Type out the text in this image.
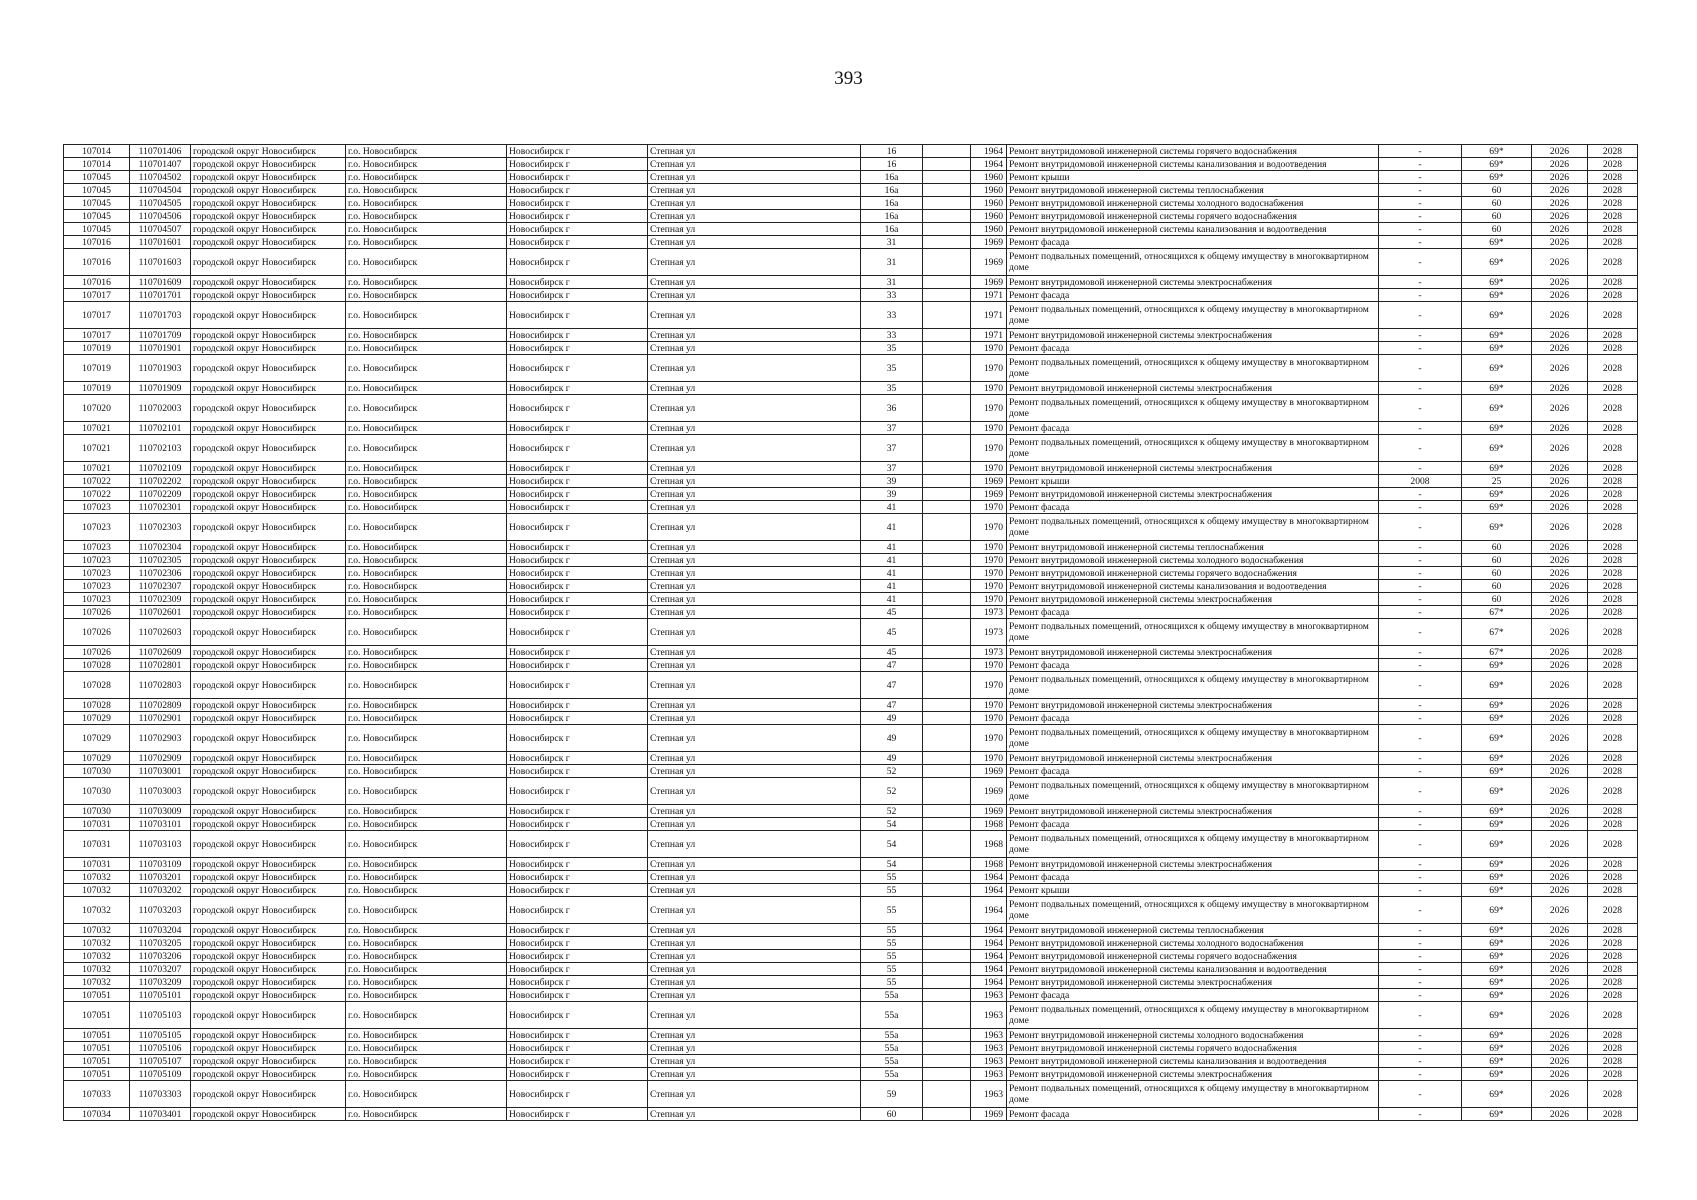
393
107014	110701406	городской округ Новосибирск	г.о. Новосибирск	Новосибирск г	Степная ул	16		1964	Ремонт внутридомовой инженерной системы горячего водоснабжения	-	69*	2026	2028
107014	110701407	городской округ Новосибирск	г.о. Новосибирск	Новосибирск г	Степная ул	16		1964	Ремонт внутридомовой инженерной системы канализования и водоотведения	-	69*	2026	2028
107045	110704502	городской округ Новосибирск	г.о. Новосибирск	Новосибирск г	Степная ул	16а		1960	Ремонт крыши	-	69*	2026	2028
107045	110704504	городской округ Новосибирск	г.о. Новосибирск	Новосибирск г	Степная ул	16а		1960	Ремонт внутридомовой инженерной системы теплоснабжения	-	60	2026	2028
107045	110704505	городской округ Новосибирск	г.о. Новосибирск	Новосибирск г	Степная ул	16а		1960	Ремонт внутридомовой инженерной системы холодного водоснабжения	-	60	2026	2028
107045	110704506	городской округ Новосибирск	г.о. Новосибирск	Новосибирск г	Степная ул	16а		1960	Ремонт внутридомовой инженерной системы горячего водоснабжения	-	60	2026	2028
107045	110704507	городской округ Новосибирск	г.о. Новосибирск	Новосибирск г	Степная ул	16а		1960	Ремонт внутридомовой инженерной системы канализования и водоотведения	-	60	2026	2028
107016	110701601	городской округ Новосибирск	г.о. Новосибирск	Новосибирск г	Степная ул	31		1969	Ремонт фасада	-	69*	2026	2028
107016	110701603	городской округ Новосибирск	г.о. Новосибирск	Новосибирск г	Степная ул	31		1969	Ремонт подвальных помещений, относящихся к общему имуществу в многоквартирном доме	-	69*	2026	2028
107016	110701609	городской округ Новосибирск	г.о. Новосибирск	Новосибирск г	Степная ул	31		1969	Ремонт внутридомовой инженерной системы электроснабжения	-	69*	2026	2028
107017	110701701	городской округ Новосибирск	г.о. Новосибирск	Новосибирск г	Степная ул	33		1971	Ремонт фасада	-	69*	2026	2028
107017	110701703	городской округ Новосибирск	г.о. Новосибирск	Новосибирск г	Степная ул	33		1971	Ремонт подвальных помещений, относящихся к общему имуществу в многоквартирном доме	-	69*	2026	2028
107017	110701709	городской округ Новосибирск	г.о. Новосибирск	Новосибирск г	Степная ул	33		1971	Ремонт внутридомовой инженерной системы электроснабжения	-	69*	2026	2028
107019	110701901	городской округ Новосибирск	г.о. Новосибирск	Новосибирск г	Степная ул	35		1970	Ремонт фасада	-	69*	2026	2028
107019	110701903	городской округ Новосибирск	г.о. Новосибирск	Новосибирск г	Степная ул	35		1970	Ремонт подвальных помещений, относящихся к общему имуществу в многоквартирном доме	-	69*	2026	2028
107019	110701909	городской округ Новосибирск	г.о. Новосибирск	Новосибирск г	Степная ул	35		1970	Ремонт внутридомовой инженерной системы электроснабжения	-	69*	2026	2028
107020	110702003	городской округ Новосибирск	г.о. Новосибирск	Новосибирск г	Степная ул	36		1970	Ремонт подвальных помещений, относящихся к общему имуществу в многоквартирном доме	-	69*	2026	2028
107021	110702101	городской округ Новосибирск	г.о. Новосибирск	Новосибирск г	Степная ул	37		1970	Ремонт фасада	-	69*	2026	2028
107021	110702103	городской округ Новосибирск	г.о. Новосибирск	Новосибирск г	Степная ул	37		1970	Ремонт подвальных помещений, относящихся к общему имуществу в многоквартирном доме	-	69*	2026	2028
107021	110702109	городской округ Новосибирск	г.о. Новосибирск	Новосибирск г	Степная ул	37		1970	Ремонт внутридомовой инженерной системы электроснабжения	-	69*	2026	2028
107022	110702202	городской округ Новосибирск	г.о. Новосибирск	Новосибирск г	Степная ул	39		1969	Ремонт крыши	2008	25	2026	2028
107022	110702209	городской округ Новосибирск	г.о. Новосибирск	Новосибирск г	Степная ул	39		1969	Ремонт внутридомовой инженерной системы электроснабжения	-	69*	2026	2028
107023	110702301	городской округ Новосибирск	г.о. Новосибирск	Новосибирск г	Степная ул	41		1970	Ремонт фасада	-	69*	2026	2028
107023	110702303	городской округ Новосибирск	г.о. Новосибирск	Новосибирск г	Степная ул	41		1970	Ремонт подвальных помещений, относящихся к общему имуществу в многоквартирном доме	-	69*	2026	2028
107023	110702304	городской округ Новосибирск	г.о. Новосибирск	Новосибирск г	Степная ул	41		1970	Ремонт внутридомовой инженерной системы теплоснабжения	-	60	2026	2028
107023	110702305	городской округ Новосибирск	г.о. Новосибирск	Новосибирск г	Степная ул	41		1970	Ремонт внутридомовой инженерной системы холодного водоснабжения	-	60	2026	2028
107023	110702306	городской округ Новосибирск	г.о. Новосибирск	Новосибирск г	Степная ул	41		1970	Ремонт внутридомовой инженерной системы горячего водоснабжения	-	60	2026	2028
107023	110702307	городской округ Новосибирск	г.о. Новосибирск	Новосибирск г	Степная ул	41		1970	Ремонт внутридомовой инженерной системы канализования и водоотведения	-	60	2026	2028
107023	110702309	городской округ Новосибирск	г.о. Новосибирск	Новосибирск г	Степная ул	41		1970	Ремонт внутридомовой инженерной системы электроснабжения	-	60	2026	2028
107026	110702601	городской округ Новосибирск	г.о. Новосибирск	Новосибирск г	Степная ул	45		1973	Ремонт фасада	-	67*	2026	2028
107026	110702603	городской округ Новосибирск	г.о. Новосибирск	Новосибирск г	Степная ул	45		1973	Ремонт подвальных помещений, относящихся к общему имуществу в многоквартирном доме	-	67*	2026	2028
107026	110702609	городской округ Новосибирск	г.о. Новосибирск	Новосибирск г	Степная ул	45		1973	Ремонт внутридомовой инженерной системы электроснабжения	-	67*	2026	2028
107028	110702801	городской округ Новосибирск	г.о. Новосибирск	Новосибирск г	Степная ул	47		1970	Ремонт фасада	-	69*	2026	2028
107028	110702803	городской округ Новосибирск	г.о. Новосибирск	Новосибирск г	Степная ул	47		1970	Ремонт подвальных помещений, относящихся к общему имуществу в многоквартирном доме	-	69*	2026	2028
107028	110702809	городской округ Новосибирск	г.о. Новосибирск	Новосибирск г	Степная ул	47		1970	Ремонт внутридомовой инженерной системы электроснабжения	-	69*	2026	2028
107029	110702901	городской округ Новосибирск	г.о. Новосибирск	Новосибирск г	Степная ул	49		1970	Ремонт фасада	-	69*	2026	2028
107029	110702903	городской округ Новосибирск	г.о. Новосибирск	Новосибирск г	Степная ул	49		1970	Ремонт подвальных помещений, относящихся к общему имуществу в многоквартирном доме	-	69*	2026	2028
107029	110702909	городской округ Новосибирск	г.о. Новосибирск	Новосибирск г	Степная ул	49		1970	Ремонт внутридомовой инженерной системы электроснабжения	-	69*	2026	2028
107030	110703001	городской округ Новосибирск	г.о. Новосибирск	Новосибирск г	Степная ул	52		1969	Ремонт фасада	-	69*	2026	2028
107030	110703003	городской округ Новосибирск	г.о. Новосибирск	Новосибирск г	Степная ул	52		1969	Ремонт подвальных помещений, относящихся к общему имуществу в многоквартирном доме	-	69*	2026	2028
107030	110703009	городской округ Новосибирск	г.о. Новосибирск	Новосибирск г	Степная ул	52		1969	Ремонт внутридомовой инженерной системы электроснабжения	-	69*	2026	2028
107031	110703101	городской округ Новосибирск	г.о. Новосибирск	Новосибирск г	Степная ул	54		1968	Ремонт фасада	-	69*	2026	2028
107031	110703103	городской округ Новосибирск	г.о. Новосибирск	Новосибирск г	Степная ул	54		1968	Ремонт подвальных помещений, относящихся к общему имуществу в многоквартирном доме	-	69*	2026	2028
107031	110703109	городской округ Новосибирск	г.о. Новосибирск	Новосибирск г	Степная ул	54		1968	Ремонт внутридомовой инженерной системы электроснабжения	-	69*	2026	2028
107032	110703201	городской округ Новосибирск	г.о. Новосибирск	Новосибирск г	Степная ул	55		1964	Ремонт фасада	-	69*	2026	2028
107032	110703202	городской округ Новосибирск	г.о. Новосибирск	Новосибирск г	Степная ул	55		1964	Ремонт крыши	-	69*	2026	2028
107032	110703203	городской округ Новосибирск	г.о. Новосибирск	Новосибирск г	Степная ул	55		1964	Ремонт подвальных помещений, относящихся к общему имуществу в многоквартирном доме	-	69*	2026	2028
107032	110703204	городской округ Новосибирск	г.о. Новосибирск	Новосибирск г	Степная ул	55		1964	Ремонт внутридомовой инженерной системы теплоснабжения	-	69*	2026	2028
107032	110703205	городской округ Новосибирск	г.о. Новосибирск	Новосибирск г	Степная ул	55		1964	Ремонт внутридомовой инженерной системы холодного водоснабжения	-	69*	2026	2028
107032	110703206	городской округ Новосибирск	г.о. Новосибирск	Новосибирск г	Степная ул	55		1964	Ремонт внутридомовой инженерной системы горячего водоснабжения	-	69*	2026	2028
107032	110703207	городской округ Новосибирск	г.о. Новосибирск	Новосибирск г	Степная ул	55		1964	Ремонт внутридомовой инженерной системы канализования и водоотведения	-	69*	2026	2028
107032	110703209	городской округ Новосибирск	г.о. Новосибирск	Новосибирск г	Степная ул	55		1964	Ремонт внутридомовой инженерной системы электроснабжения	-	69*	2026	2028
107051	110705101	городской округ Новосибирск	г.о. Новосибирск	Новосибирск г	Степная ул	55а		1963	Ремонт фасада	-	69*	2026	2028
107051	110705103	городской округ Новосибирск	г.о. Новосибирск	Новосибирск г	Степная ул	55а		1963	Ремонт подвальных помещений, относящихся к общему имуществу в многоквартирном доме	-	69*	2026	2028
107051	110705105	городской округ Новосибирск	г.о. Новосибирск	Новосибирск г	Степная ул	55а		1963	Ремонт внутридомовой инженерной системы холодного водоснабжения	-	69*	2026	2028
107051	110705106	городской округ Новосибирск	г.о. Новосибирск	Новосибирск г	Степная ул	55а		1963	Ремонт внутридомовой инженерной системы горячего водоснабжения	-	69*	2026	2028
107051	110705107	городской округ Новосибирск	г.о. Новосибирск	Новосибирск г	Степная ул	55а		1963	Ремонт внутридомовой инженерной системы канализования и водоотведения	-	69*	2026	2028
107051	110705109	городской округ Новосибирск	г.о. Новосибирск	Новосибирск г	Степная ул	55а		1963	Ремонт внутридомовой инженерной системы электроснабжения	-	69*	2026	2028
107033	110703303	городской округ Новосибирск	г.о. Новосибирск	Новосибирск г	Степная ул	59		1963	Ремонт подвальных помещений, относящихся к общему имуществу в многоквартирном доме	-	69*	2026	2028
107034	110703401	городской округ Новосибирск	г.о. Новосибирск	Новосибирск г	Степная ул	60		1969	Ремонт фасада	-	69*	2026	2028
